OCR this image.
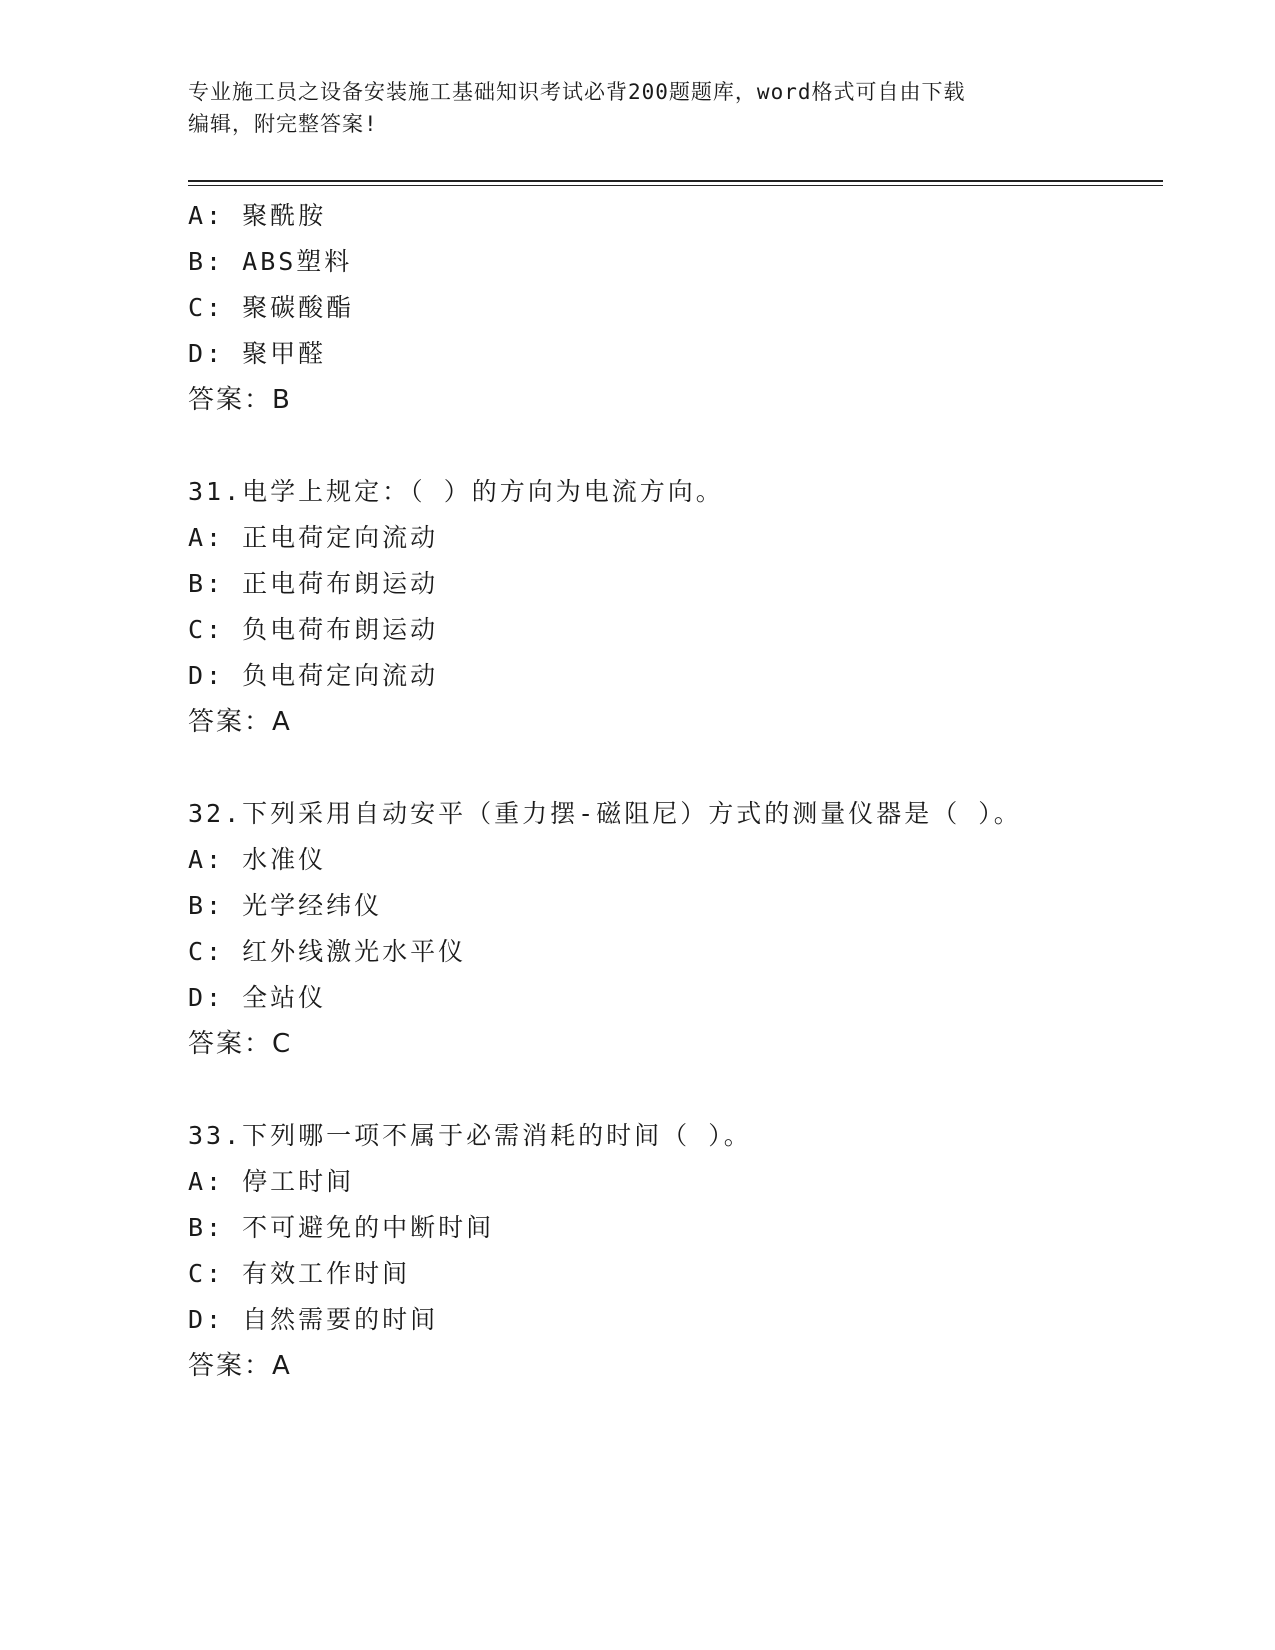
专业施工员之设备安装施工基础知识考试必背200题题库，word格式可自由下载
编辑，附完整答案!
A: 聚酰胺
B: ABS塑料
C: 聚碳酸酯
D: 聚甲醛
答案：B
31.电学上规定：（ ）的方向为电流方向。
A: 正电荷定向流动
B: 正电荷布朗运动
C: 负电荷布朗运动
D: 负电荷定向流动
答案：A
32.下列采用自动安平（重力摆-磁阻尼）方式的测量仪器是（ ）。
A: 水准仪
B: 光学经纬仪
C: 红外线激光水平仪
D: 全站仪
答案：C
33.下列哪一项不属于必需消耗的时间（ ）。
A: 停工时间
B: 不可避免的中断时间
C: 有效工作时间
D: 自然需要的时间
答案：A
